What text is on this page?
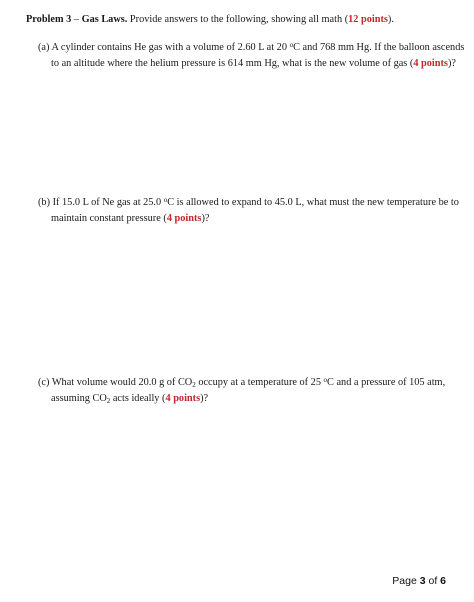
Problem 3 – Gas Laws. Provide answers to the following, showing all math (12 points).
(a) A cylinder contains He gas with a volume of 2.60 L at 20 $^o$C and 768 mm Hg. If the balloon ascends
to an altitude where the helium pressure is 614 mm Hg, what is the new volume of gas (4 points)?
(b) If 15.0 L of Ne gas at 25.0 $^o$C is allowed to expand to 45.0 L, what must the new temperature be to
maintain constant pressure (4 points)?
(c) What volume would 20.0 g of $CO_2$ occupy at a temperature of 25 $^o$C and a pressure of 105 atm,
assuming $CO_2$ acts ideally (4 points)?
Page 3 of 6
